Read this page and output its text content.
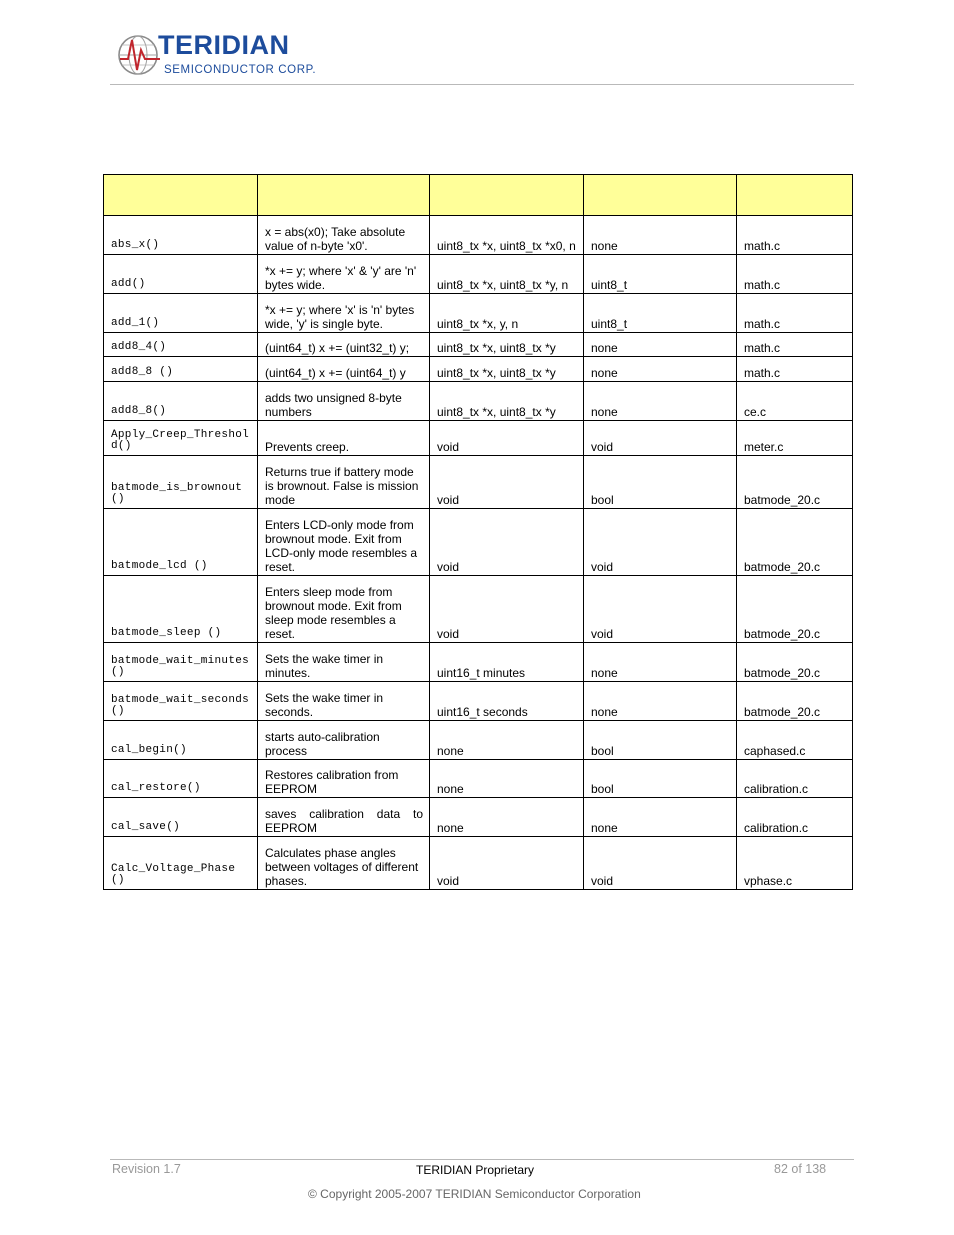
TERIDIAN
SEMICONDUCTOR CORP.

abs_x()	x = abs(x0); Take absolute value of n-byte 'x0'.	uint8_tx *x, uint8_tx *x0, n	none	math.c

add()	*x += y; where 'x' & 'y' are 'n' bytes wide.	uint8_tx *x, uint8_tx *y, n	uint8_t	math.c

add_1()	*x += y; where 'x' is 'n' bytes wide, 'y' is single byte.	uint8_tx *x, y, n	uint8_t	math.c

add8_4()	(uint64_t) x += (uint32_t) y;	uint8_tx *x, uint8_tx *y	none	math.c

add8_8 ()	(uint64_t) x += (uint64_t) y	uint8_tx *x, uint8_tx *y	none	math.c

add8_8()	adds two unsigned 8-byte numbers	uint8_tx *x, uint8_tx *y	none	ce.c

Apply_Creep_Threshold()	Prevents creep.	void	void	meter.c

batmode_is_brownout ()	Returns true if battery mode is brownout. False is mission mode	void	bool	batmode_20.c

batmode_lcd ()	Enters LCD-only mode from brownout mode. Exit from LCD-only mode resembles a reset.	void	void	batmode_20.c

batmode_sleep ()	Enters sleep mode from brownout mode. Exit from sleep mode resembles a reset.	void	void	batmode_20.c

batmode_wait_minutes ()	Sets the wake timer in minutes.	uint16_t minutes	none	batmode_20.c

batmode_wait_seconds ()	Sets the wake timer in seconds.	uint16_t seconds	none	batmode_20.c

cal_begin()	starts auto-calibration process	none	bool	caphased.c

cal_restore()	Restores calibration from EEPROM	none	bool	calibration.c

cal_save()	saves calibration data to EEPROM	none	none	calibration.c

Calc_Voltage_Phase ()	Calculates phase angles between voltages of different phases.	void	void	vphase.c
Revision 1.7	TERIDIAN Proprietary	82 of 138
© Copyright 2005-2007 TERIDIAN Semiconductor Corporation
